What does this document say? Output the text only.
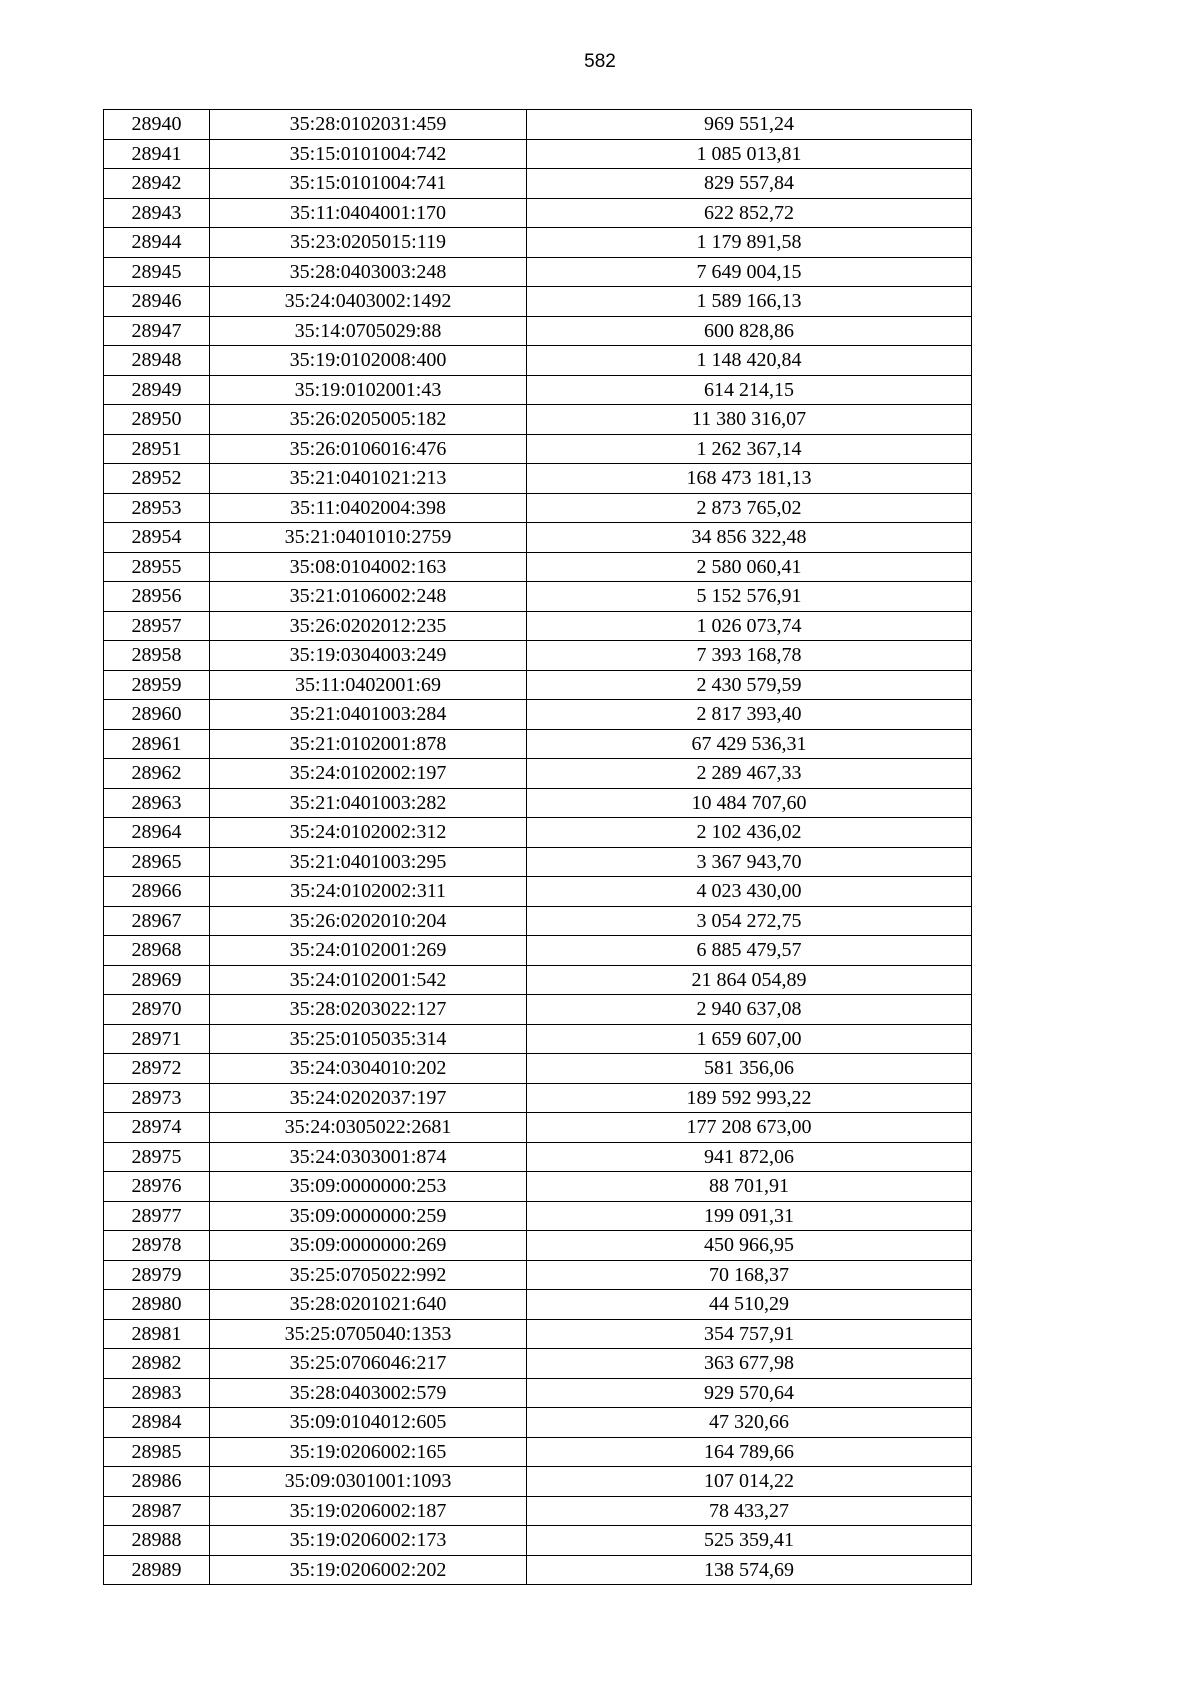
582
28940	35:28:0102031:459	969 551,24
28941	35:15:0101004:742	1 085 013,81
28942	35:15:0101004:741	829 557,84
28943	35:11:0404001:170	622 852,72
28944	35:23:0205015:119	1 179 891,58
28945	35:28:0403003:248	7 649 004,15
28946	35:24:0403002:1492	1 589 166,13
28947	35:14:0705029:88	600 828,86
28948	35:19:0102008:400	1 148 420,84
28949	35:19:0102001:43	614 214,15
28950	35:26:0205005:182	11 380 316,07
28951	35:26:0106016:476	1 262 367,14
28952	35:21:0401021:213	168 473 181,13
28953	35:11:0402004:398	2 873 765,02
28954	35:21:0401010:2759	34 856 322,48
28955	35:08:0104002:163	2 580 060,41
28956	35:21:0106002:248	5 152 576,91
28957	35:26:0202012:235	1 026 073,74
28958	35:19:0304003:249	7 393 168,78
28959	35:11:0402001:69	2 430 579,59
28960	35:21:0401003:284	2 817 393,40
28961	35:21:0102001:878	67 429 536,31
28962	35:24:0102002:197	2 289 467,33
28963	35:21:0401003:282	10 484 707,60
28964	35:24:0102002:312	2 102 436,02
28965	35:21:0401003:295	3 367 943,70
28966	35:24:0102002:311	4 023 430,00
28967	35:26:0202010:204	3 054 272,75
28968	35:24:0102001:269	6 885 479,57
28969	35:24:0102001:542	21 864 054,89
28970	35:28:0203022:127	2 940 637,08
28971	35:25:0105035:314	1 659 607,00
28972	35:24:0304010:202	581 356,06
28973	35:24:0202037:197	189 592 993,22
28974	35:24:0305022:2681	177 208 673,00
28975	35:24:0303001:874	941 872,06
28976	35:09:0000000:253	88 701,91
28977	35:09:0000000:259	199 091,31
28978	35:09:0000000:269	450 966,95
28979	35:25:0705022:992	70 168,37
28980	35:28:0201021:640	44 510,29
28981	35:25:0705040:1353	354 757,91
28982	35:25:0706046:217	363 677,98
28983	35:28:0403002:579	929 570,64
28984	35:09:0104012:605	47 320,66
28985	35:19:0206002:165	164 789,66
28986	35:09:0301001:1093	107 014,22
28987	35:19:0206002:187	78 433,27
28988	35:19:0206002:173	525 359,41
28989	35:19:0206002:202	138 574,69
